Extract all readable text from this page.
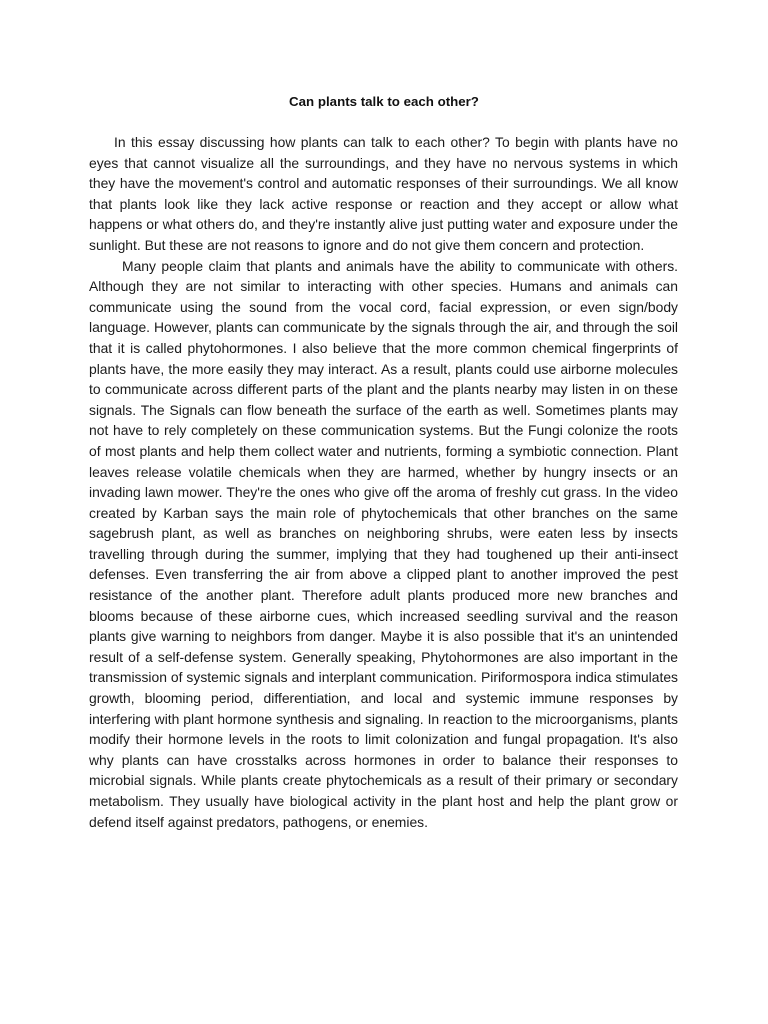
Can plants talk to each other?

In this essay discussing how plants can talk to each other? To begin with plants have no eyes that cannot visualize all the surroundings, and they have no nervous systems in which they have the movement's control and automatic responses of their surroundings. We all know that plants look like they lack active response or reaction and they accept or allow what happens or what others do, and they're instantly alive just putting water and exposure under the sunlight. But these are not reasons to ignore and do not give them concern and protection.

Many people claim that plants and animals have the ability to communicate with others. Although they are not similar to interacting with other species. Humans and animals can communicate using the sound from the vocal cord, facial expression, or even sign/body language. However, plants can communicate by the signals through the air, and through the soil that it is called phytohormones. I also believe that the more common chemical fingerprints of plants have, the more easily they may interact. As a result, plants could use airborne molecules to communicate across different parts of the plant and the plants nearby may listen in on these signals. The Signals can flow beneath the surface of the earth as well. Sometimes plants may not have to rely completely on these communication systems. But the Fungi colonize the roots of most plants and help them collect water and nutrients, forming a symbiotic connection. Plant leaves release volatile chemicals when they are harmed, whether by hungry insects or an invading lawn mower. They're the ones who give off the aroma of freshly cut grass. In the video created by Karban says the main role of phytochemicals that other branches on the same sagebrush plant, as well as branches on neighboring shrubs, were eaten less by insects travelling through during the summer, implying that they had toughened up their anti-insect defenses. Even transferring the air from above a clipped plant to another improved the pest resistance of the another plant. Therefore adult plants produced more new branches and blooms because of these airborne cues, which increased seedling survival and the reason plants give warning to neighbors from danger. Maybe it is also possible that it's an unintended result of a self-defense system. Generally speaking, Phytohormones are also important in the transmission of systemic signals and interplant communication. Piriformospora indica stimulates growth, blooming period, differentiation, and local and systemic immune responses by interfering with plant hormone synthesis and signaling. In reaction to the microorganisms, plants modify their hormone levels in the roots to limit colonization and fungal propagation. It's also why plants can have crosstalks across hormones in order to balance their responses to microbial signals. While plants create phytochemicals as a result of their primary or secondary metabolism. They usually have biological activity in the plant host and help the plant grow or defend itself against predators, pathogens, or enemies.
